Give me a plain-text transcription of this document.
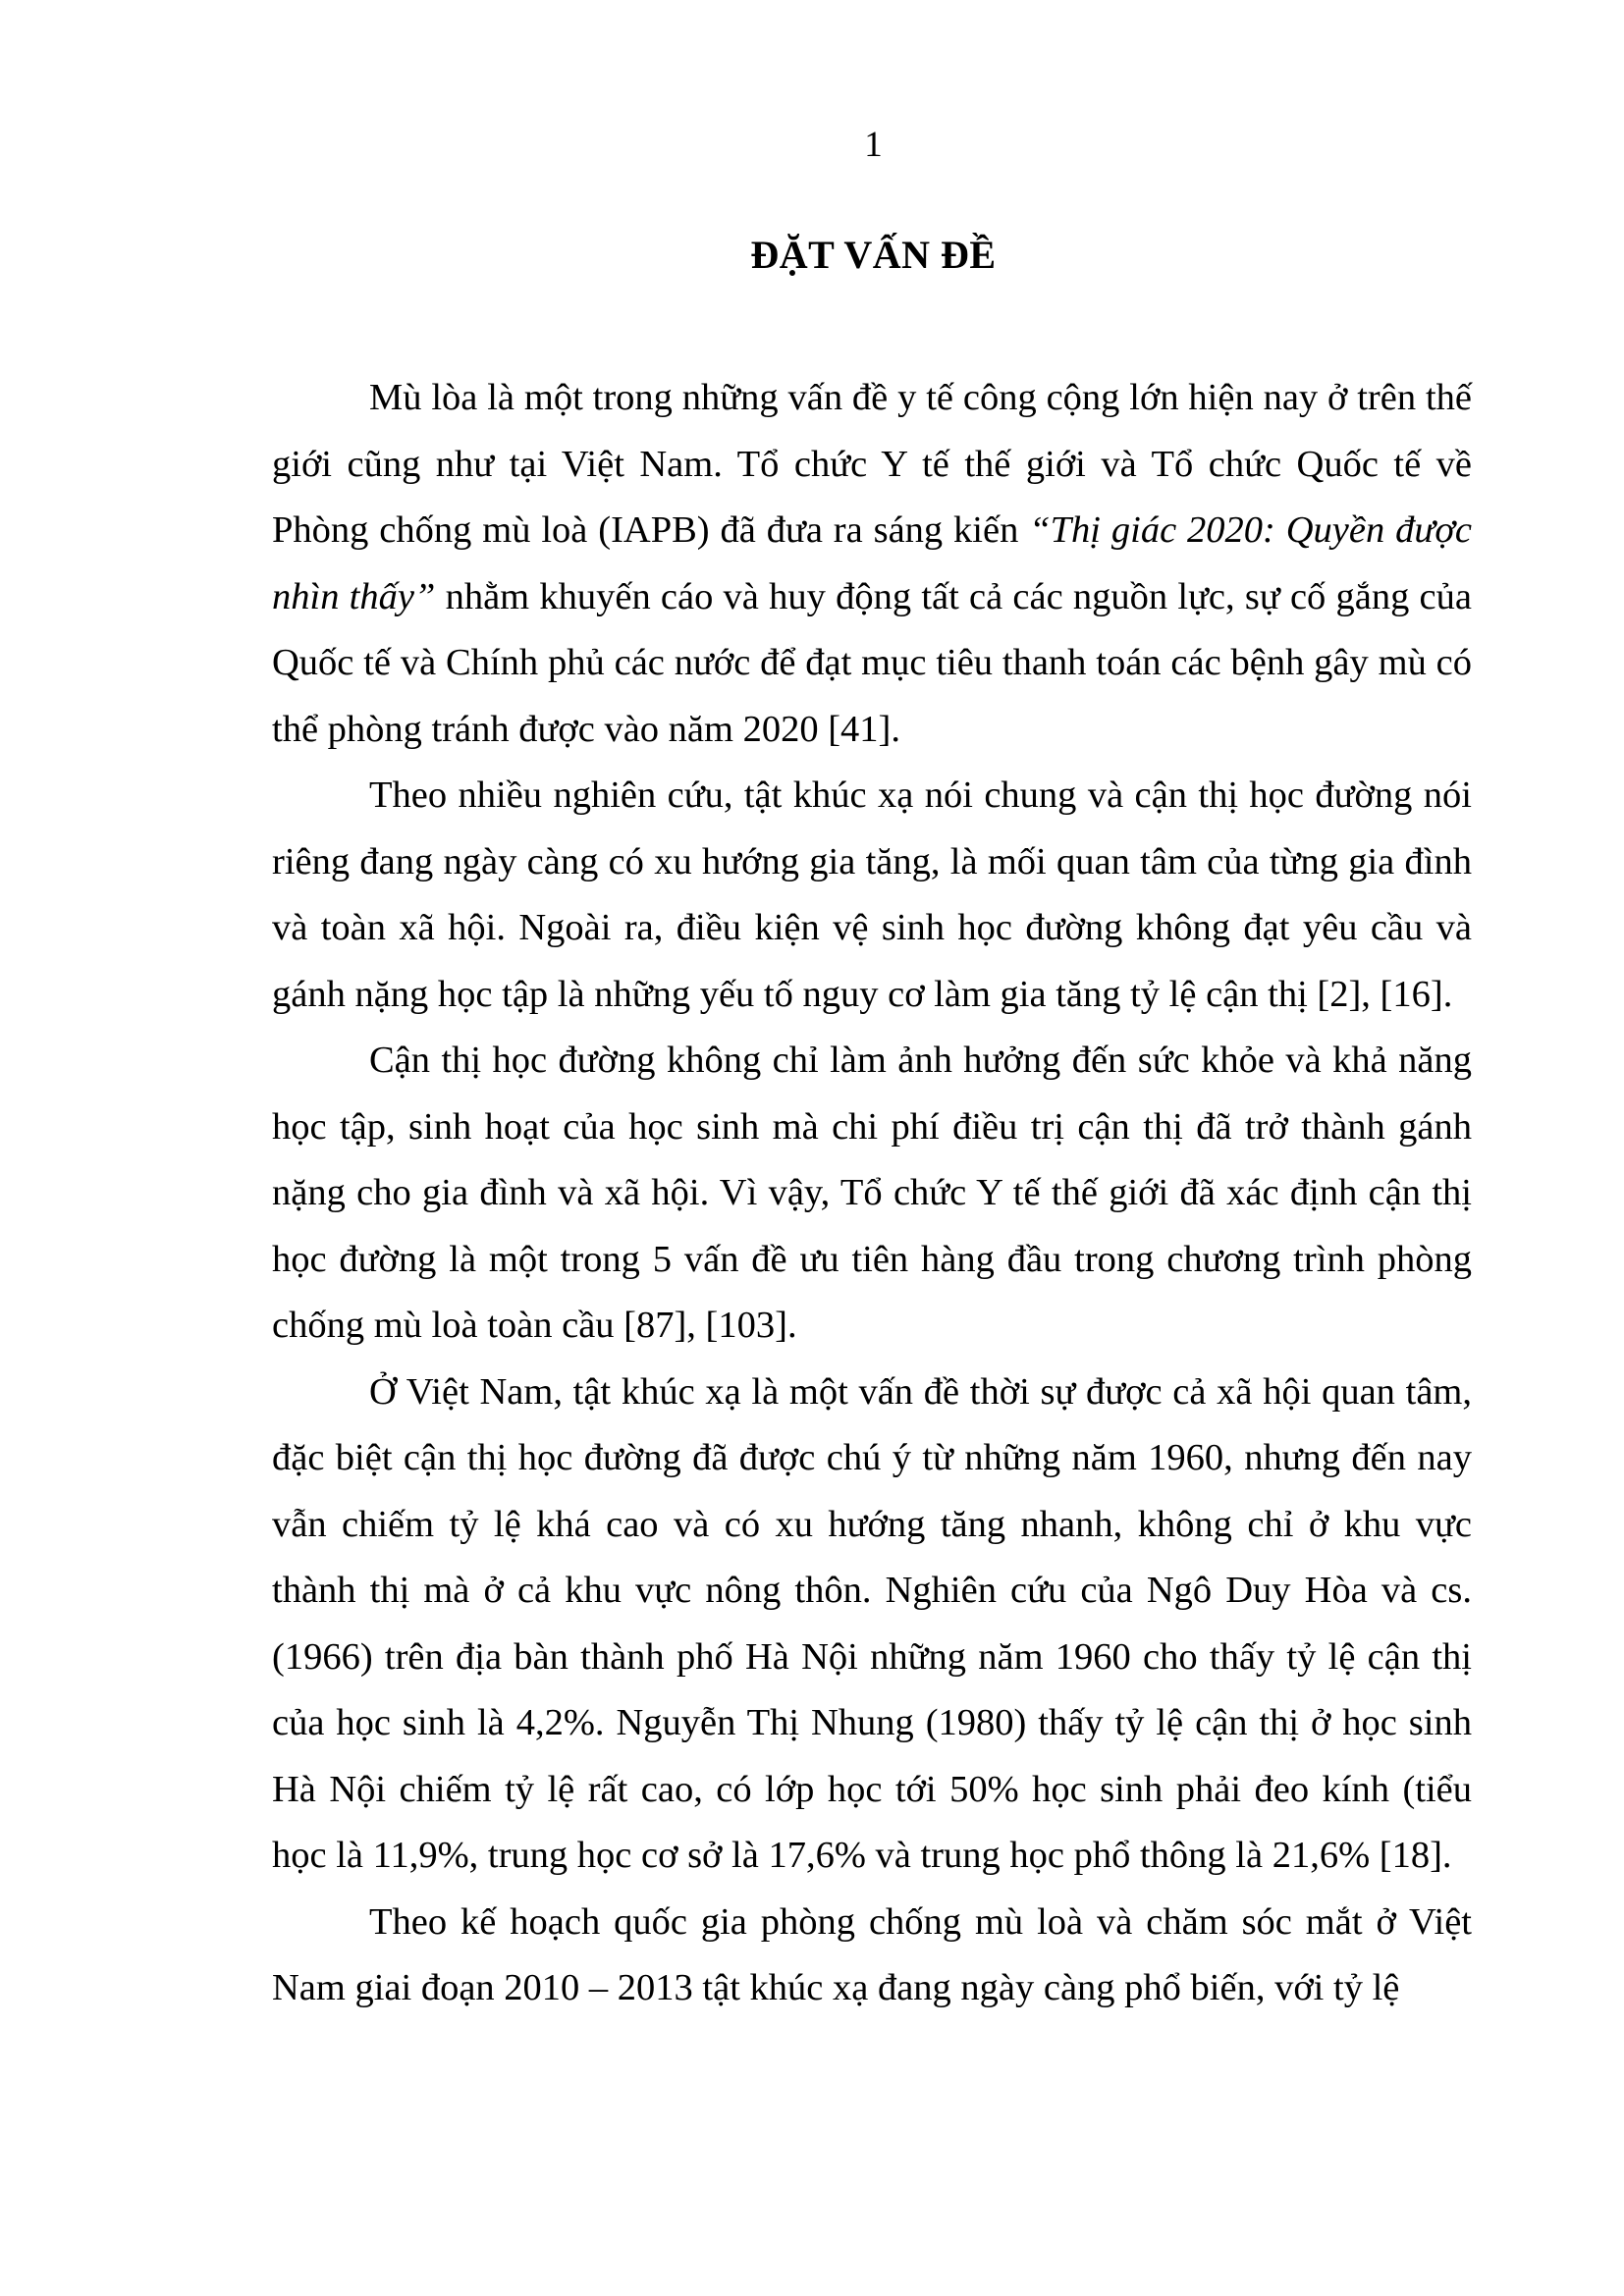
1
ĐẶT VẤN ĐỀ

Mù lòa là một trong những vấn đề y tế công cộng lớn hiện nay ở trên thế giới cũng như tại Việt Nam. Tổ chức Y tế thế giới và Tổ chức Quốc tế về Phòng chống mù loà (IAPB) đã đưa ra sáng kiến “Thị giác 2020: Quyền được nhìn thấy” nhằm khuyến cáo và huy động tất cả các nguồn lực, sự cố gắng của Quốc tế và Chính phủ các nước để đạt mục tiêu thanh toán các bệnh gây mù có thể phòng tránh được vào năm 2020 [41].

Theo nhiều nghiên cứu, tật khúc xạ nói chung và cận thị học đường nói riêng đang ngày càng có xu hướng gia tăng, là mối quan tâm của từng gia đình và toàn xã hội. Ngoài ra, điều kiện vệ sinh học đường không đạt yêu cầu và gánh nặng học tập là những yếu tố nguy cơ làm gia tăng tỷ lệ cận thị [2], [16].

Cận thị học đường không chỉ làm ảnh hưởng đến sức khỏe và khả năng học tập, sinh hoạt của học sinh mà chi phí điều trị cận thị đã trở thành gánh nặng cho gia đình và xã hội. Vì vậy, Tổ chức Y tế thế giới đã xác định cận thị học đường là một trong 5 vấn đề ưu tiên hàng đầu trong chương trình phòng chống mù loà toàn cầu [87], [103].

Ở Việt Nam, tật khúc xạ là một vấn đề thời sự được cả xã hội quan tâm, đặc biệt cận thị học đường đã được chú ý từ những năm 1960, nhưng đến nay vẫn chiếm tỷ lệ khá cao và có xu hướng tăng nhanh, không chỉ ở khu vực thành thị mà ở cả khu vực nông thôn. Nghiên cứu của Ngô Duy Hòa và cs. (1966) trên địa bàn thành phố Hà Nội những năm 1960 cho thấy tỷ lệ cận thị của học sinh là 4,2%. Nguyễn Thị Nhung (1980) thấy tỷ lệ cận thị ở học sinh Hà Nội chiếm tỷ lệ rất cao, có lớp học tới 50% học sinh phải đeo kính (tiểu học là 11,9%, trung học cơ sở là 17,6% và trung học phổ thông là 21,6% [18].

Theo kế hoạch quốc gia phòng chống mù loà và chăm sóc mắt ở Việt Nam giai đoạn 2010 – 2013 tật khúc xạ đang ngày càng phổ biến, với tỷ lệ
